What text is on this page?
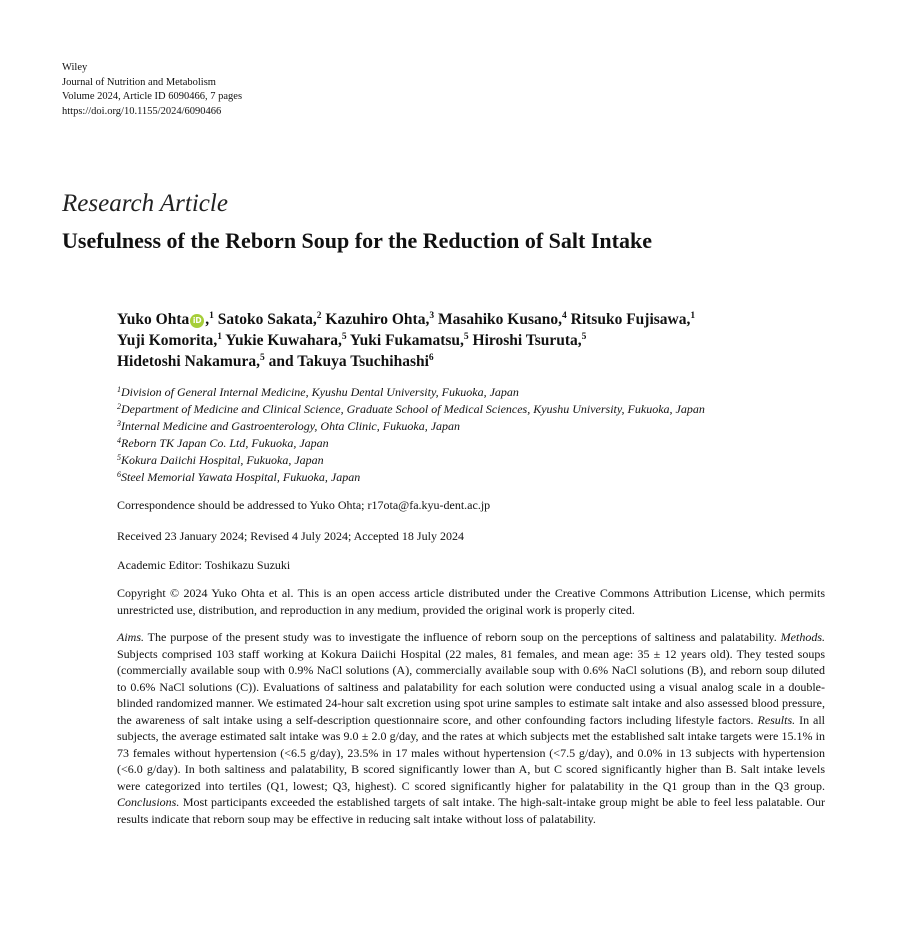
Wiley
Journal of Nutrition and Metabolism
Volume 2024, Article ID 6090466, 7 pages
https://doi.org/10.1155/2024/6090466
Research Article
Usefulness of the Reborn Soup for the Reduction of Salt Intake
Yuko Ohta iD ,$^1$ Satoko Sakata,$^2$ Kazuhiro Ohta,$^3$ Masahiko Kusano,$^4$ Ritsuko Fujisawa,$^1$
Yuji Komorita,$^1$ Yukie Kuwahara,$^5$ Yuki Fukamatsu,$^5$ Hiroshi Tsuruta,$^5$
Hidetoshi Nakamura,$^5$ and Takuya Tsuchihashi$^6$
$^1$Division of General Internal Medicine, Kyushu Dental University, Fukuoka, Japan
$^2$Department of Medicine and Clinical Science, Graduate School of Medical Sciences, Kyushu University, Fukuoka, Japan
$^3$Internal Medicine and Gastroenterology, Ohta Clinic, Fukuoka, Japan
$^4$Reborn TK Japan Co. Ltd, Fukuoka, Japan
$^5$Kokura Daiichi Hospital, Fukuoka, Japan
$^6$Steel Memorial Yawata Hospital, Fukuoka, Japan
Correspondence should be addressed to Yuko Ohta; r17ota@fa.kyu-dent.ac.jp
Received 23 January 2024; Revised 4 July 2024; Accepted 18 July 2024
Academic Editor: Toshikazu Suzuki
Copyright © 2024 Yuko Ohta et al. This is an open access article distributed under the Creative Commons Attribution License, which permits unrestricted use, distribution, and reproduction in any medium, provided the original work is properly cited.
Aims. The purpose of the present study was to investigate the influence of reborn soup on the perceptions of saltiness and palatability. Methods. Subjects comprised 103 staff working at Kokura Daiichi Hospital (22 males, 81 females, and mean age: 35 ± 12 years old). They tested soups (commercially available soup with 0.9% NaCl solutions (A), commercially available soup with 0.6% NaCl solutions (B), and reborn soup diluted to 0.6% NaCl solutions (C)). Evaluations of saltiness and palatability for each solution were conducted using a visual analog scale in a double-blinded randomized manner. We estimated 24-hour salt excretion using spot urine samples to estimate salt intake and also assessed blood pressure, the awareness of salt intake using a self-description questionnaire score, and other confounding factors including lifestyle factors. Results. In all subjects, the average estimated salt intake was 9.0 ± 2.0 g/day, and the rates at which subjects met the established salt intake targets were 15.1% in 73 females without hypertension (<6.5 g/day), 23.5% in 17 males without hypertension (<7.5 g/day), and 0.0% in 13 subjects with hypertension (<6.0 g/day). In both saltiness and palatability, B scored significantly lower than A, but C scored significantly higher than B. Salt intake levels were categorized into tertiles (Q1, lowest; Q3, highest). C scored significantly higher for palatability in the Q1 group than in the Q3 group. Conclusions. Most participants exceeded the established targets of salt intake. The high-salt-intake group might be able to feel less palatable. Our results indicate that reborn soup may be effective in reducing salt intake without loss of palatability.
